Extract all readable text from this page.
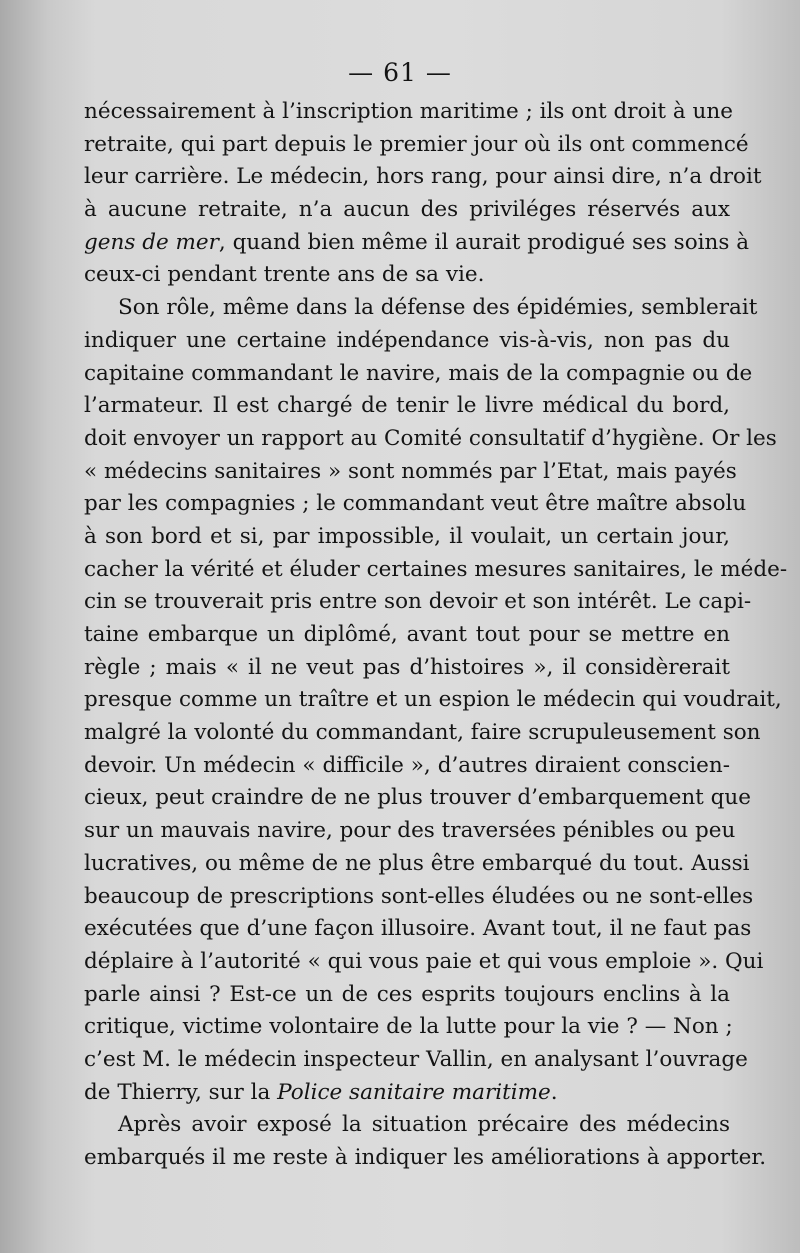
— 61 —
nécessairement à l’inscription maritime ; ils ont droit à une
retraite, qui part depuis le premier jour où ils ont commencé
leur carrière. Le médecin, hors rang, pour ainsi dire, n’a droit
à aucune retraite, n’a aucun des priviléges réservés aux
gens de mer, quand bien même il aurait prodigué ses soins à
ceux-ci pendant trente ans de sa vie.
Son rôle, même dans la défense des épidémies, semblerait
indiquer une certaine indépendance vis-à-vis, non pas du
capitaine commandant le navire, mais de la compagnie ou de
l’armateur. Il est chargé de tenir le livre médical du bord,
doit envoyer un rapport au Comité consultatif d’hygiène. Or les
« médecins sanitaires » sont nommés par l’Etat, mais payés
par les compagnies ; le commandant veut être maître absolu
à son bord et si, par impossible, il voulait, un certain jour,
cacher la vérité et éluder certaines mesures sanitaires, le méde-
cin se trouverait pris entre son devoir et son intérêt. Le capi-
taine embarque un diplômé, avant tout pour se mettre en
règle ; mais « il ne veut pas d’histoires », il considèrerait
presque comme un traître et un espion le médecin qui voudrait,
malgré la volonté du commandant, faire scrupuleusement son
devoir. Un médecin « difficile », d’autres diraient conscien-
cieux, peut craindre de ne plus trouver d’embarquement que
sur un mauvais navire, pour des traversées pénibles ou peu
lucratives, ou même de ne plus être embarqué du tout. Aussi
beaucoup de prescriptions sont-elles éludées ou ne sont-elles
exécutées que d’une façon illusoire. Avant tout, il ne faut pas
déplaire à l’autorité « qui vous paie et qui vous emploie ». Qui
parle ainsi ? Est-ce un de ces esprits toujours enclins à la
critique, victime volontaire de la lutte pour la vie ? — Non ;
c’est M. le médecin inspecteur Vallin, en analysant l’ouvrage
de Thierry, sur la Police sanitaire maritime.
Après avoir exposé la situation précaire des médecins
embarqués il me reste à indiquer les améliorations à apporter.
